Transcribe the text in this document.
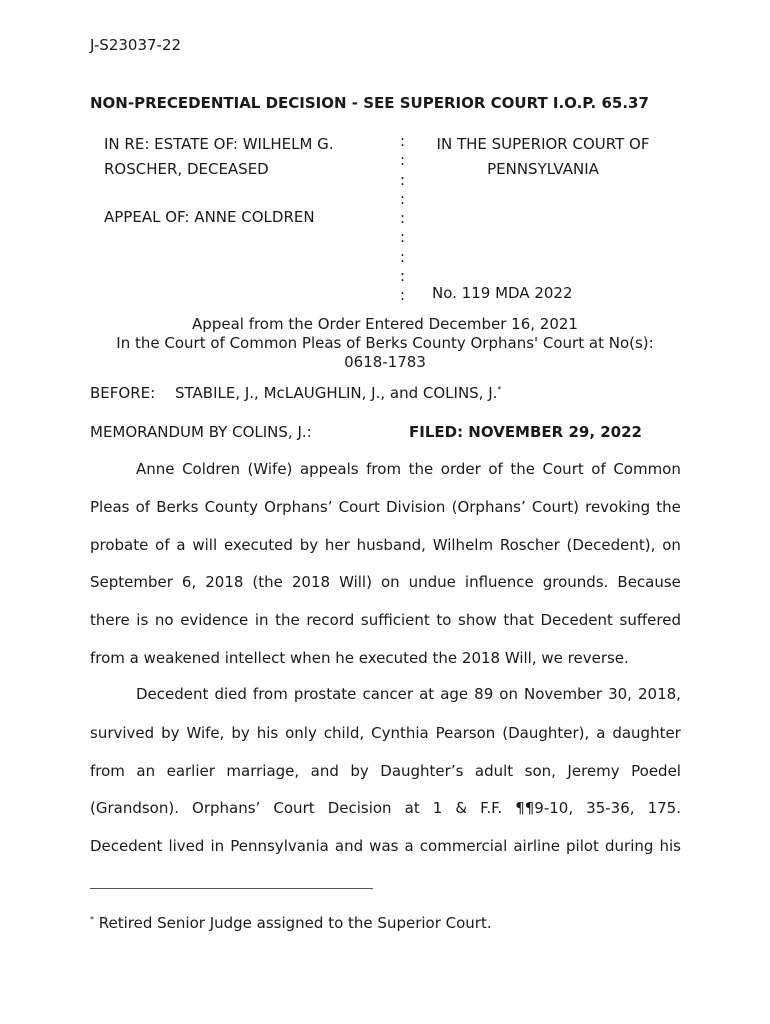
J-S23037-22
NON-PRECEDENTIAL DECISION - SEE SUPERIOR COURT I.O.P. 65.37
IN RE: ESTATE OF: WILHELM G.
ROSCHER, DECEASED
APPEAL OF: ANNE COLDREN
:
:
:
:
:
:
:
:
:
IN THE SUPERIOR COURT OF
PENNSYLVANIA
No. 119 MDA 2022
Appeal from the Order Entered December 16, 2021
In the Court of Common Pleas of Berks County Orphans' Court at No(s):
0618-1783
BEFORE: STABILE, J., McLAUGHLIN, J., and COLINS, J.*
MEMORANDUM BY COLINS, J.:	FILED: NOVEMBER 29, 2022
Anne Coldren (Wife) appeals from the order of the Court of Common
Pleas of Berks County Orphans’ Court Division (Orphans’ Court) revoking the
probate of a will executed by her husband, Wilhelm Roscher (Decedent), on
September 6, 2018 (the 2018 Will) on undue influence grounds. Because
there is no evidence in the record sufficient to show that Decedent suffered
from a weakened intellect when he executed the 2018 Will, we reverse.
Decedent died from prostate cancer at age 89 on November 30, 2018,
survived by Wife, by his only child, Cynthia Pearson (Daughter), a daughter
from an earlier marriage, and by Daughter’s adult son, Jeremy Poedel
(Grandson). Orphans’ Court Decision at 1 & F.F. ¶¶9-10, 35-36, 175.
Decedent lived in Pennsylvania and was a commercial airline pilot during his
* Retired Senior Judge assigned to the Superior Court.
